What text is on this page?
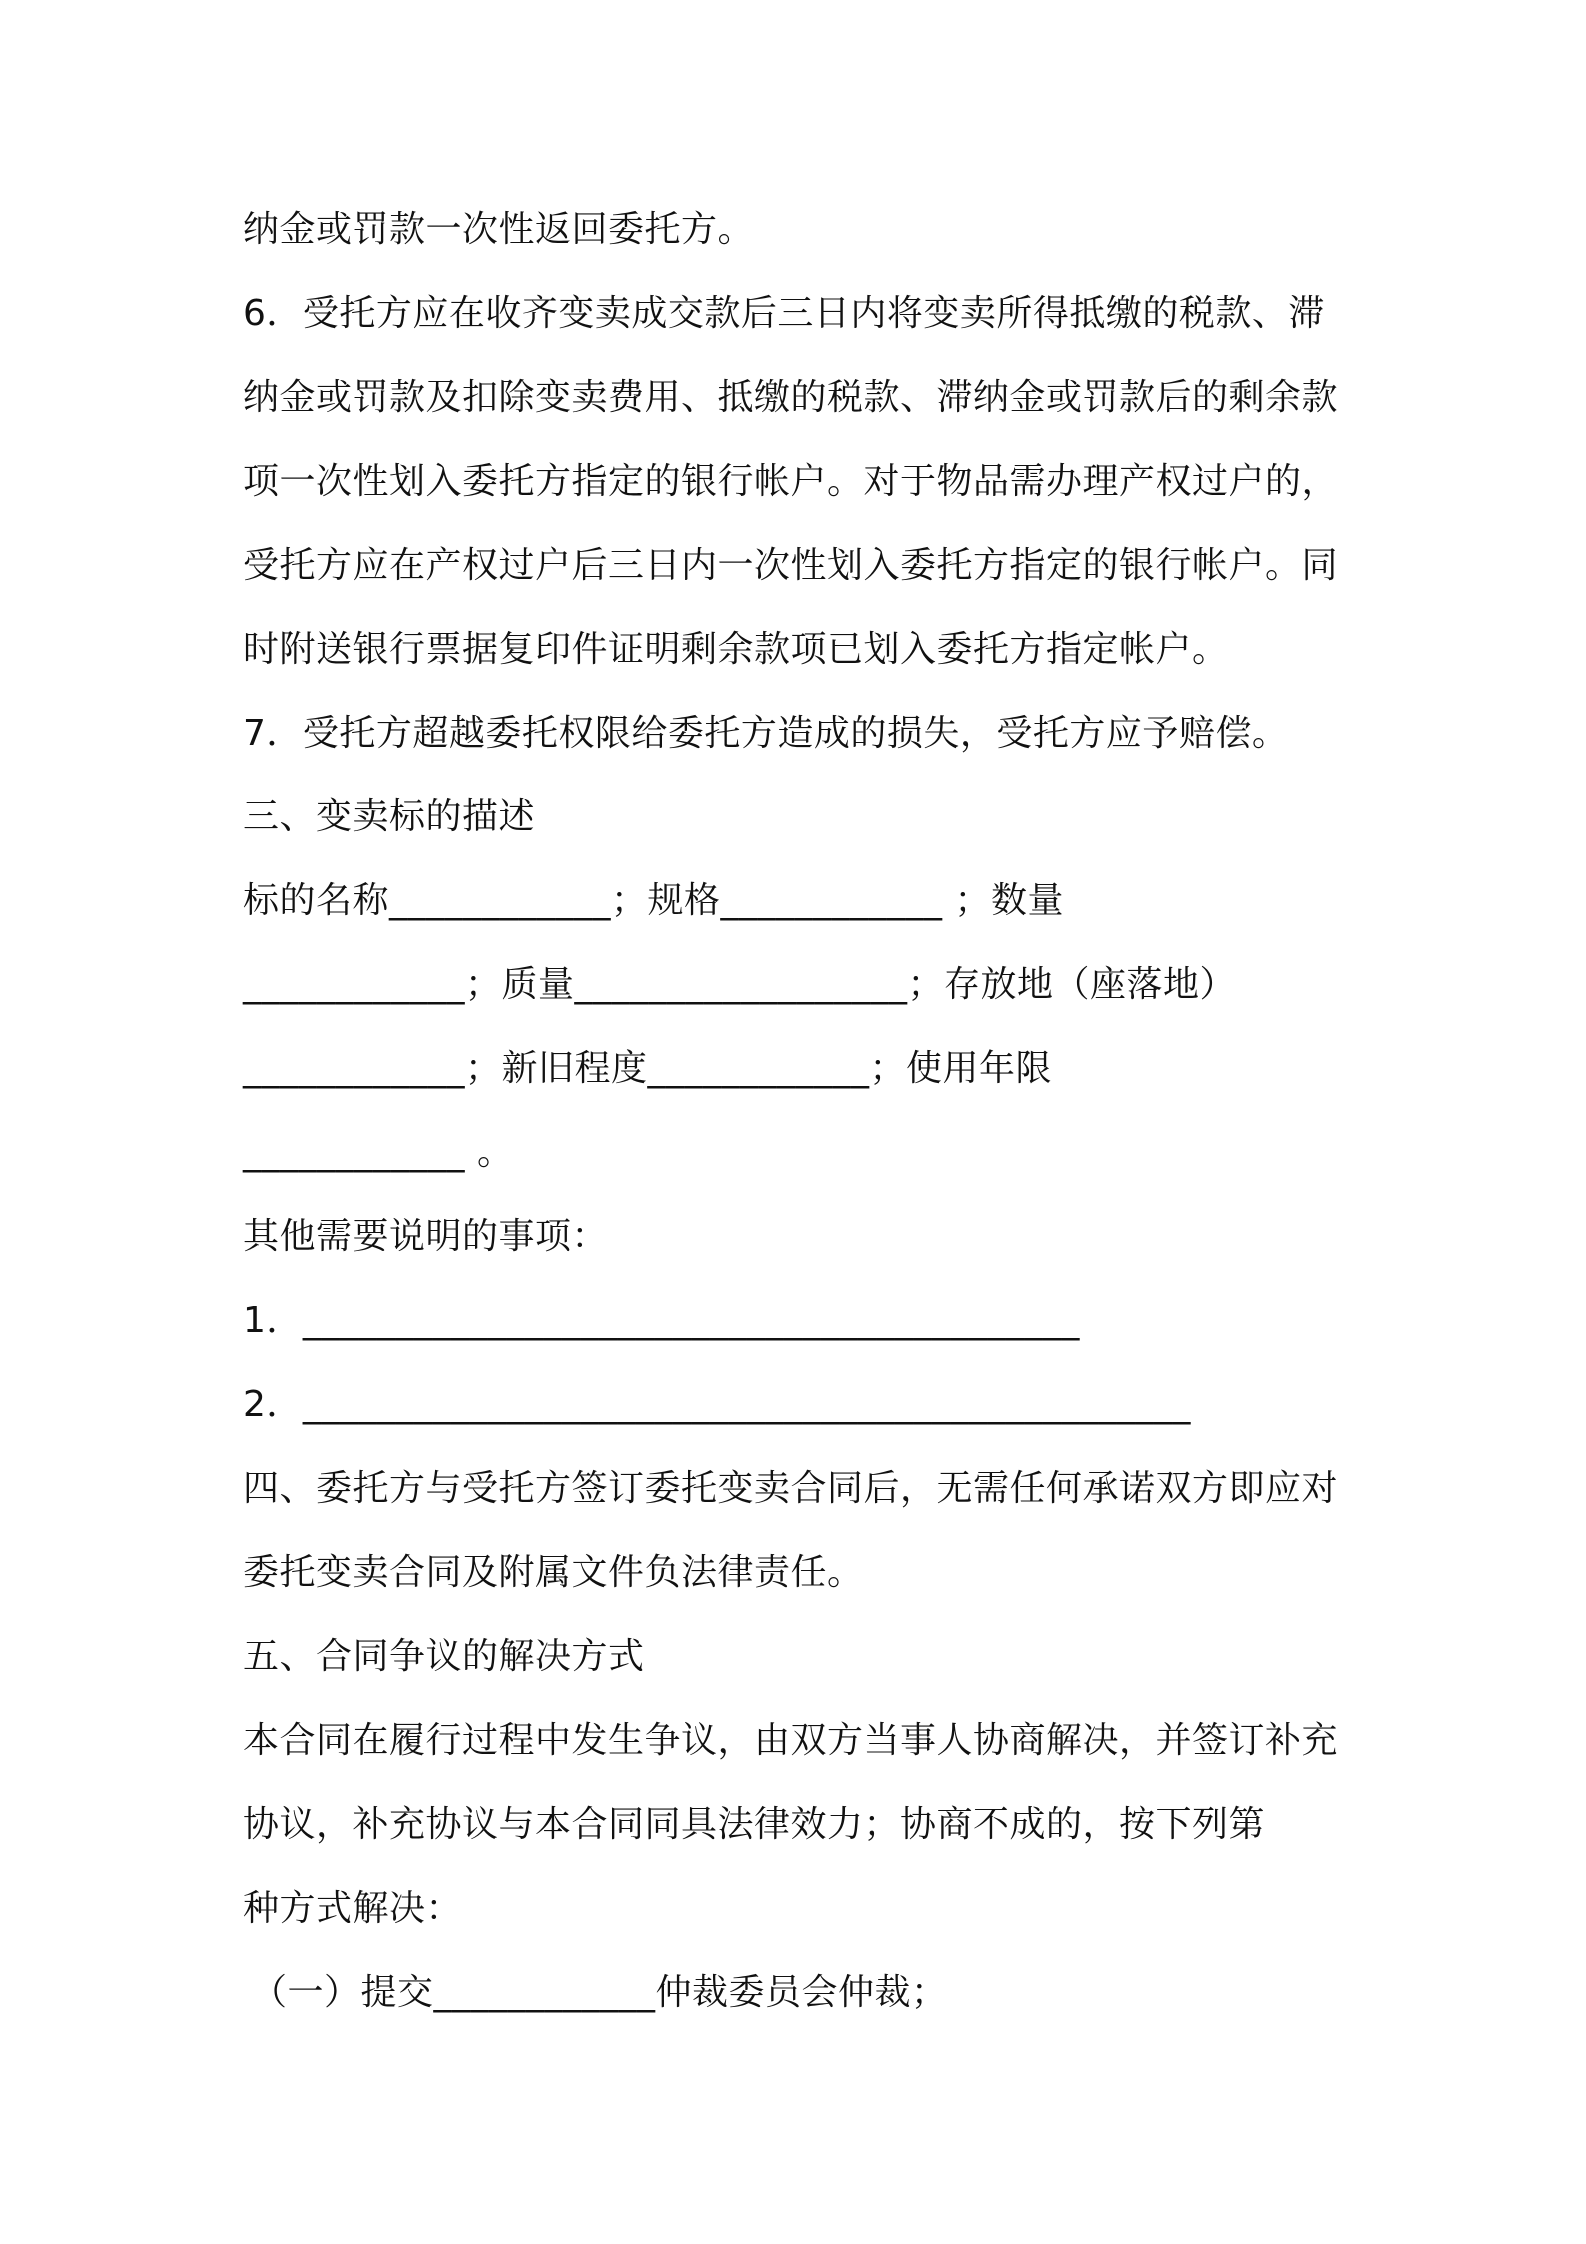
纳金或罚款一次性返回委托方。
6．受托方应在收齐变卖成交款后三日内将变卖所得抵缴的税款、滞
纳金或罚款及扣除变卖费用、抵缴的税款、滞纳金或罚款后的剩余款
项一次性划入委托方指定的银行帐户。对于物品需办理产权过户的，
受托方应在产权过户后三日内一次性划入委托方指定的银行帐户。同
时附送银行票据复印件证明剩余款项已划入委托方指定帐户。
7．受托方超越委托权限给委托方造成的损失，受托方应予赔偿。
三、变卖标的描述
标的名称____________；规格____________ ；数量
____________；质量__________________；存放地（座落地）
____________；新旧程度____________；使用年限
____________ 。
其他需要说明的事项：
1．__________________________________________
2．________________________________________________
四、委托方与受托方签订委托变卖合同后，无需任何承诺双方即应对
委托变卖合同及附属文件负法律责任。
五、合同争议的解决方式
本合同在履行过程中发生争议，由双方当事人协商解决，并签订补充
协议，补充协议与本合同同具法律效力；协商不成的，按下列第
种方式解决：
（一）提交____________仲裁委员会仲裁；
